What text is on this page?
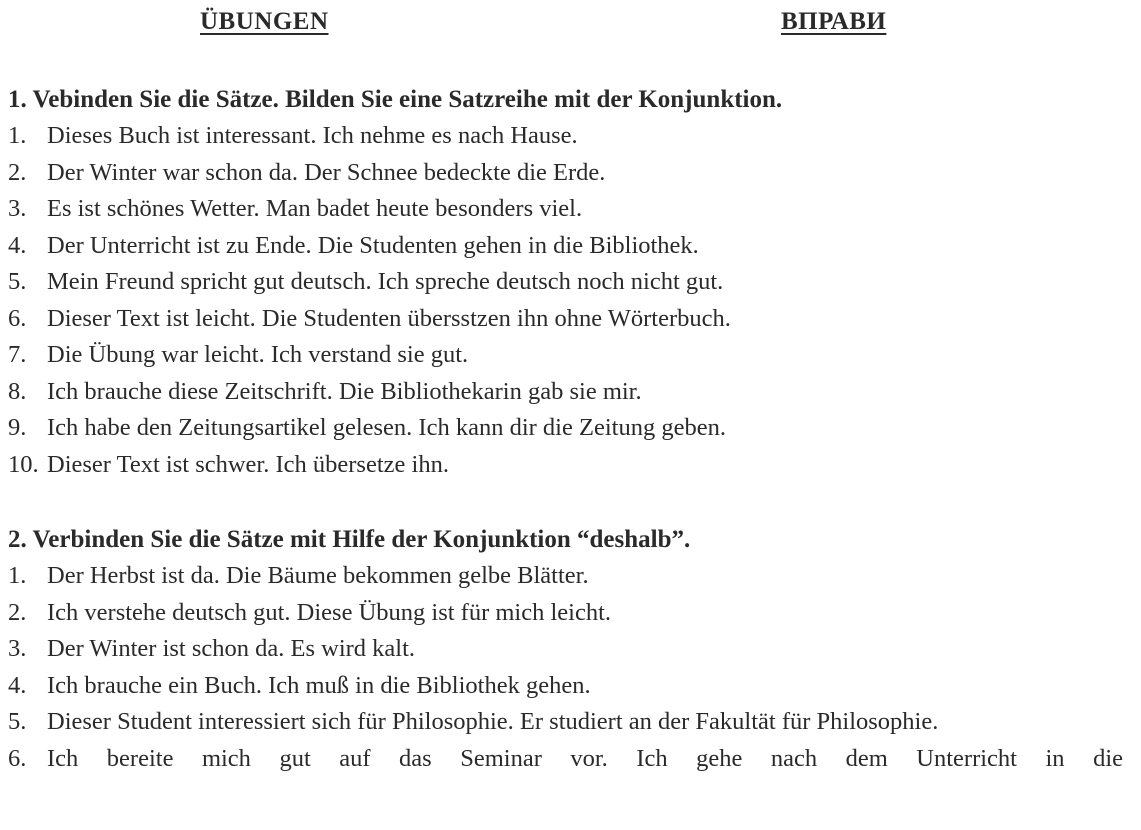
ÜBUNGEN	ВПРАВИ
1. Vebinden Sie die Sätze. Bilden Sie eine Satzreihe mit der Konjunktion.
1. Dieses Buch ist interessant. Ich nehme es nach Hause.
2. Der Winter war schon da. Der Schnee bedeckte die Erde.
3. Es ist schönes Wetter. Man badet heute besonders viel.
4. Der Unterricht ist zu Ende. Die Studenten gehen in die Bibliothek.
5. Mein Freund spricht gut deutsch. Ich spreche deutsch noch nicht gut.
6. Dieser Text ist leicht. Die Studenten übersstzen ihn ohne Wörterbuch.
7. Die Übung war leicht. Ich verstand sie gut.
8. Ich brauche diese Zeitschrift. Die Bibliothekarin gab sie mir.
9. Ich habe den Zeitungsartikel gelesen. Ich kann dir die Zeitung geben.
10. Dieser Text ist schwer. Ich übersetze ihn.
2. Verbinden Sie die Sätze mit Hilfe der Konjunktion “deshalb”.
1. Der Herbst ist da. Die Bäume bekommen gelbe Blätter.
2. Ich verstehe deutsch gut. Diese Übung ist für mich leicht.
3. Der Winter ist schon da. Es wird kalt.
4. Ich brauche ein Buch. Ich muß in die Bibliothek gehen.
5. Dieser Student interessiert sich für Philosophie. Er studiert an der Fakultät für Philosophie.
6. Ich bereite mich gut auf das Seminar vor. Ich gehe nach dem Unterricht in die
